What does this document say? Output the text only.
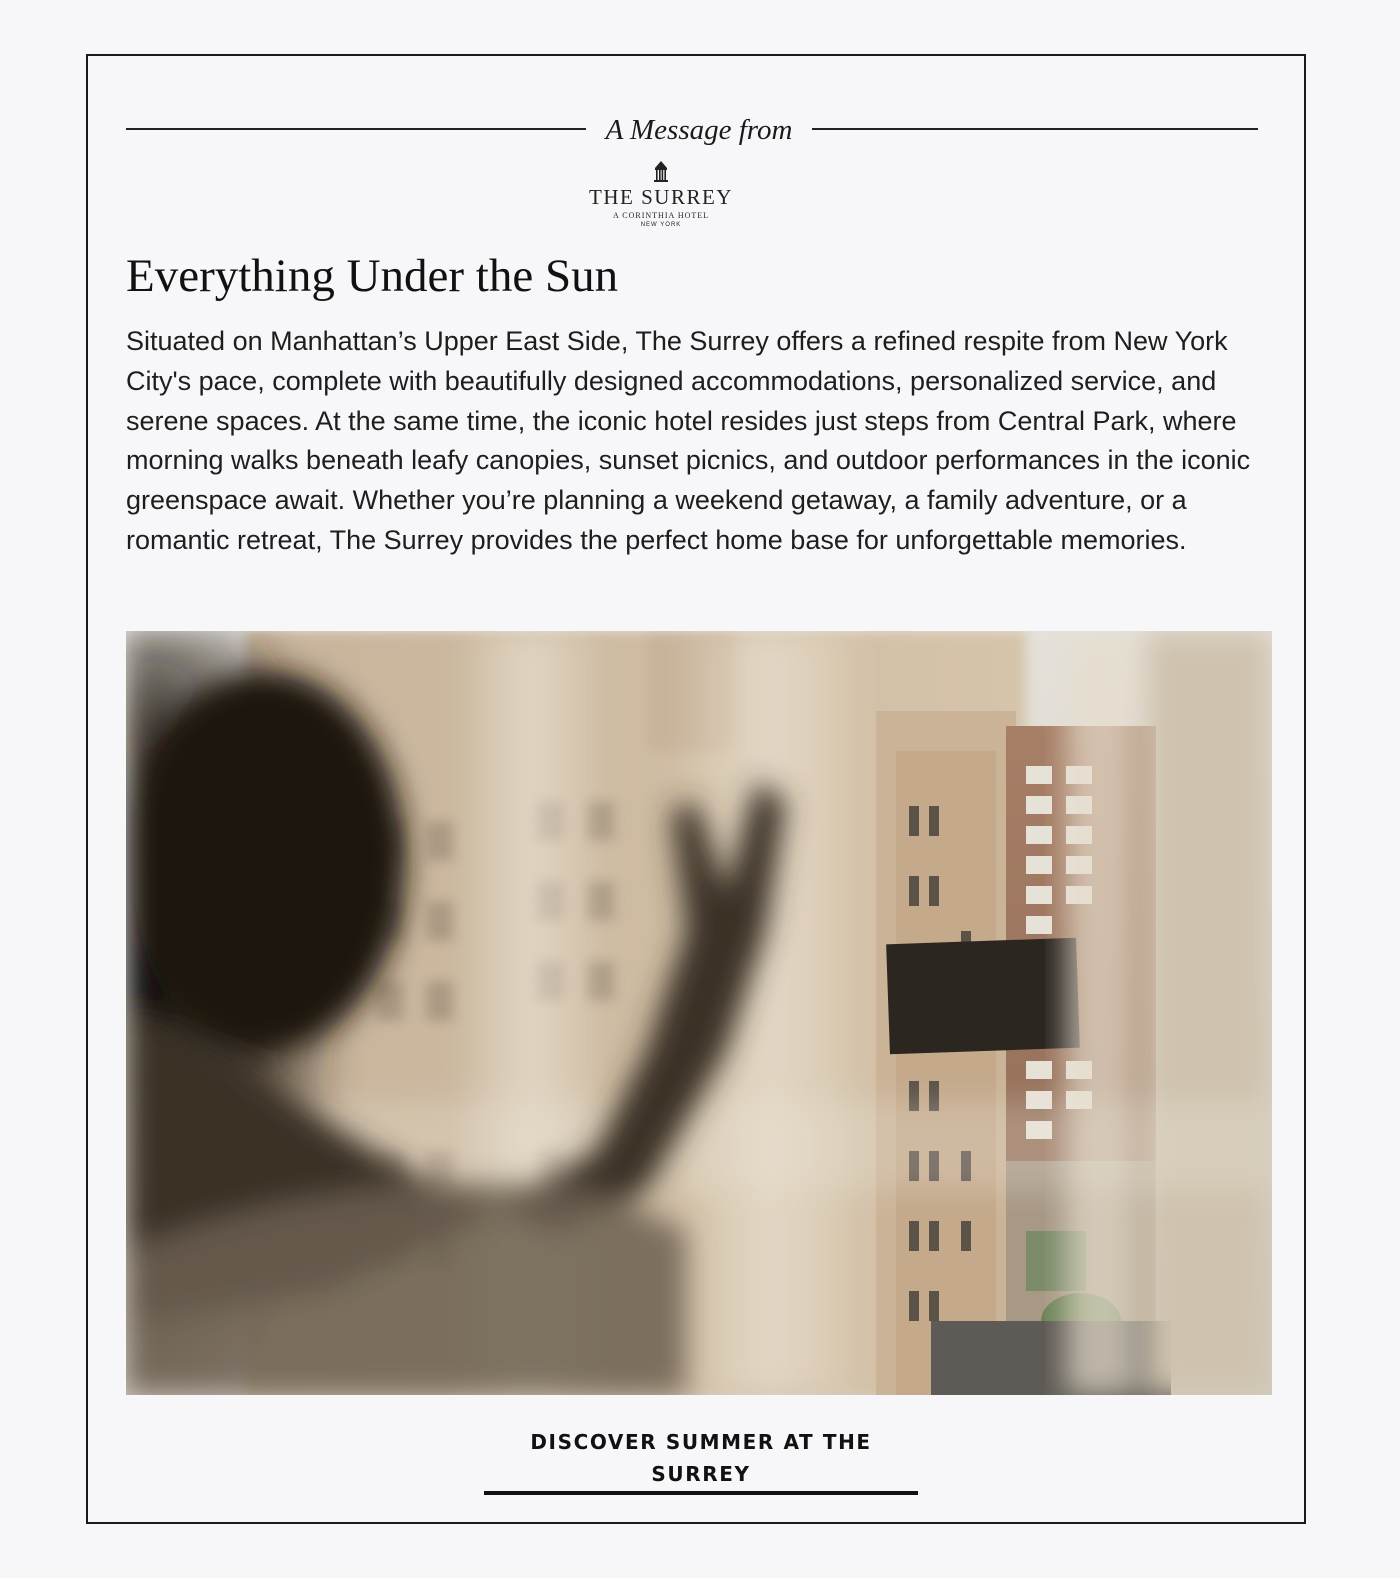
A Message from
THE SURREY
A CORINTHIA HOTEL
NEW YORK
Everything Under the Sun

Situated on Manhattan’s Upper East Side, The Surrey offers a refined respite from New York City's pace, complete with beautifully designed accommodations, personalized service, and serene spaces. At the same time, the iconic hotel resides just steps from Central Park, where morning walks beneath leafy canopies, sunset picnics, and outdoor performances in the iconic greenspace await. Whether you’re planning a weekend getaway, a family adventure, or a romantic retreat, The Surrey provides the perfect home base for unforgettable memories.

DISCOVER SUMMER AT THE SURREY
